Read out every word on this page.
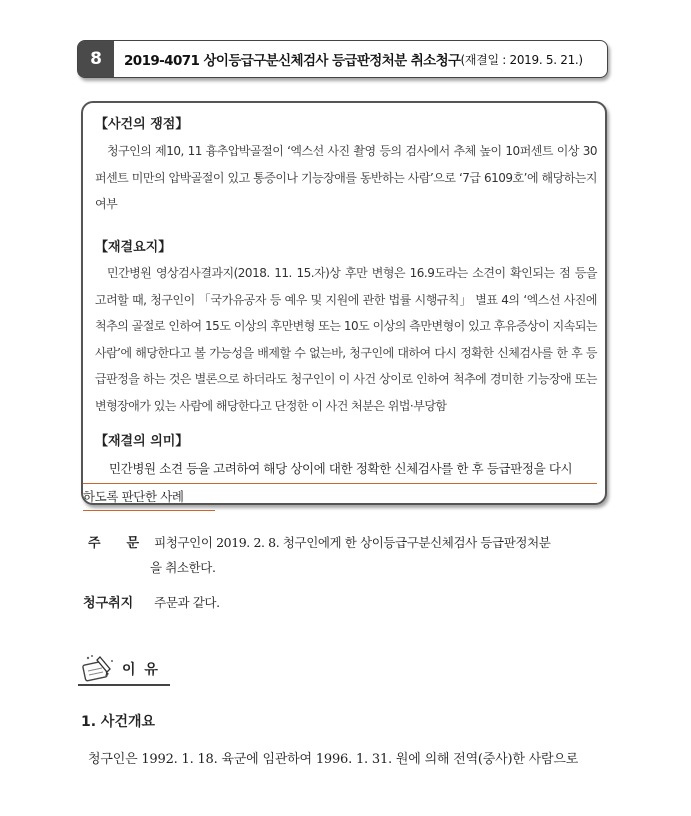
8	2019-4071 상이등급구분신체검사 등급판정처분 취소청구 (재결일 : 2019. 5. 21.)
【사건의 쟁점】
청구인의 제10, 11 흉추압박골절이 ‘엑스선 사진 촬영 등의 검사에서 추체 높이 10퍼센트 이상 30퍼센트 미만의 압박골절이 있고 통증이나 기능장애를 동반하는 사람’으로 ‘7급 6109호’에 해당하는지 여부
【재결요지】
민간병원 영상검사결과지(2018. 11. 15.자)상 후만 변형은 16.9도라는 소견이 확인되는 점 등을 고려할 때, 청구인이 「국가유공자 등 예우 및 지원에 관한 법률 시행규칙」 별표 4의 ‘엑스선 사진에 척추의 골절로 인하여 15도 이상의 후만변형 또는 10도 이상의 측만변형이 있고 후유증상이 지속되는 사람’에 해당한다고 볼 가능성을 배제할 수 없는바, 청구인에 대하여 다시 정확한 신체검사를 한 후 등급판정을 하는 것은 별론으로 하더라도 청구인이 이 사건 상이로 인하여 척추에 경미한 기능장애 또는 변형장애가 있는 사람에 해당한다고 단정한 이 사건 처분은 위법·부당함
【재결의 의미】
민간병원 소견 등을 고려하여 해당 상이에 대한 정확한 신체검사를 한 후 등급판정을 다시
하도록 판단한 사례
주　　문 피청구인이 2019. 2. 8. 청구인에게 한 상이등급구분신체검사 등급판정처분
을 취소한다.
청구취지 주문과 같다.
이 유
1. 사건개요
청구인은 1992. 1. 18. 육군에 임관하여 1996. 1. 31. 원에 의해 전역(중사)한 사람으로
